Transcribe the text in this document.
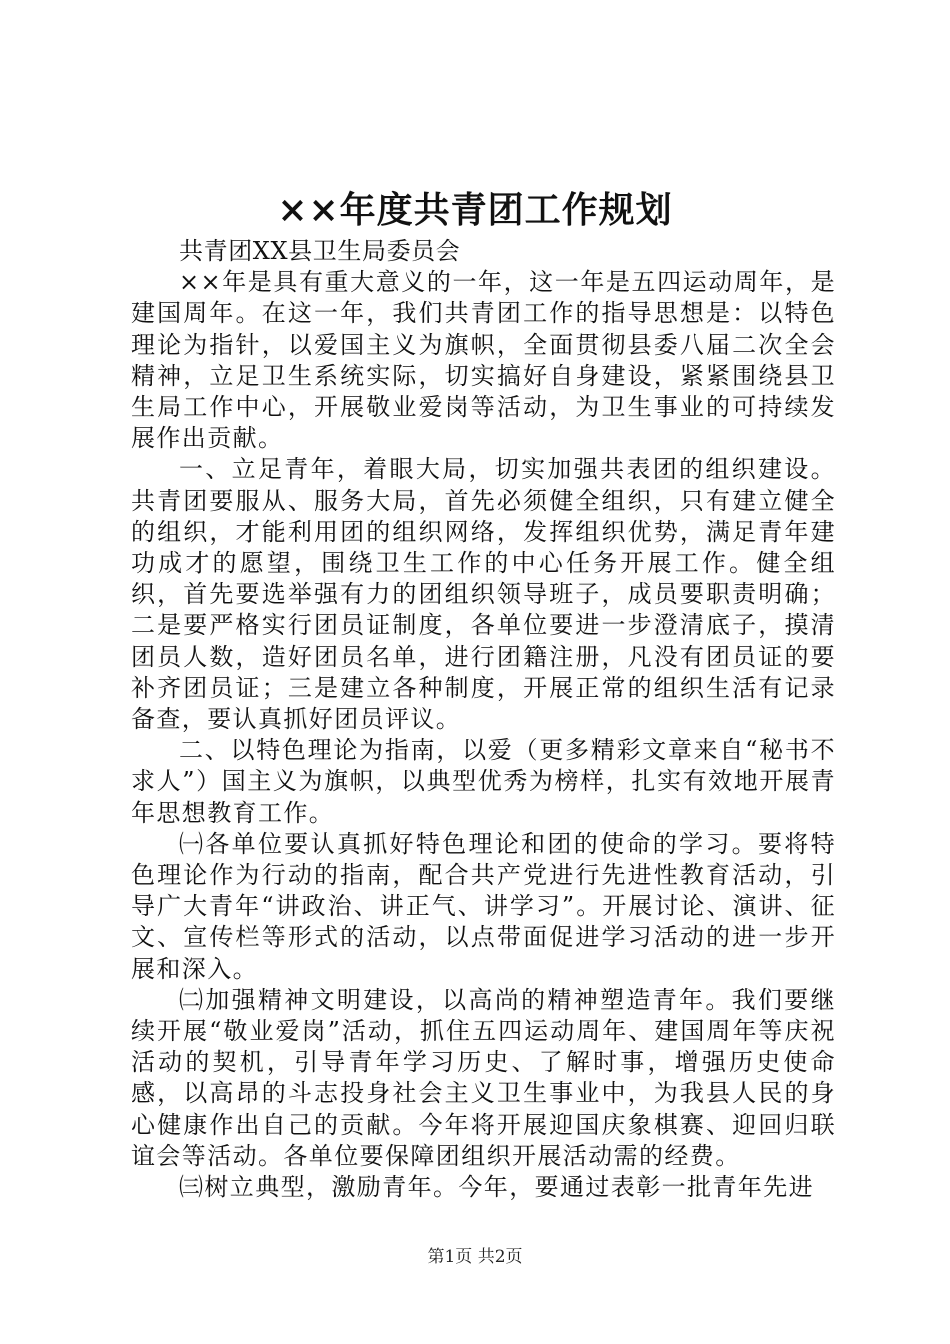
××年度共青团工作规划

共青团XX县卫生局委员会

××年是具有重大意义的一年，这一年是五四运动周年，是建国周年。在这一年，我们共青团工作的指导思想是：以特色理论为指针，以爱国主义为旗帜，全面贯彻县委八届二次全会精神，立足卫生系统实际，切实搞好自身建设，紧紧围绕县卫生局工作中心，开展敬业爱岗等活动，为卫生事业的可持续发展作出贡献。

一、立足青年，着眼大局，切实加强共表团的组织建设。共青团要服从、服务大局，首先必须健全组织，只有建立健全的组织，才能利用团的组织网络，发挥组织优势，满足青年建功成才的愿望，围绕卫生工作的中心任务开展工作。健全组织，首先要选举强有力的团组织领导班子，成员要职责明确；二是要严格实行团员证制度，各单位要进一步澄清底子，摸清团员人数，造好团员名单，进行团籍注册，凡没有团员证的要补齐团员证；三是建立各种制度，开展正常的组织生活有记录备查，要认真抓好团员评议。

二、以特色理论为指南，以爱（更多精彩文章来自“秘书不求人”）国主义为旗帜，以典型优秀为榜样，扎实有效地开展青年思想教育工作。

㈠各单位要认真抓好特色理论和团的使命的学习。要将特色理论作为行动的指南，配合共产党进行先进性教育活动，引导广大青年“讲政治、讲正气、讲学习”。开展讨论、演讲、征文、宣传栏等形式的活动，以点带面促进学习活动的进一步开展和深入。

㈡加强精神文明建设，以高尚的精神塑造青年。我们要继续开展“敬业爱岗”活动，抓住五四运动周年、建国周年等庆祝活动的契机，引导青年学习历史、了解时事，增强历史使命感，以高昂的斗志投身社会主义卫生事业中，为我县人民的身心健康作出自己的贡献。今年将开展迎国庆象棋赛、迎回归联谊会等活动。各单位要保障团组织开展活动需的经费。

㈢树立典型，激励青年。今年，要通过表彰一批青年先进

第1页 共2页
